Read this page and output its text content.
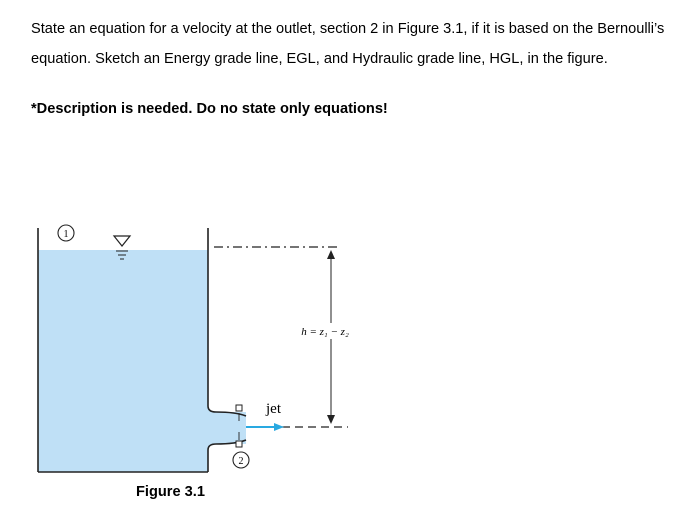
State an equation for a velocity at the outlet, section 2 in Figure 3.1, if it is based on the Bernoulli’s equation. Sketch an Energy grade line, EGL, and Hydraulic grade line, HGL, in the figure.

*Description is needed. Do no state only equations!

1
h = z₁ − z₂
jet
2

Figure 3.1
